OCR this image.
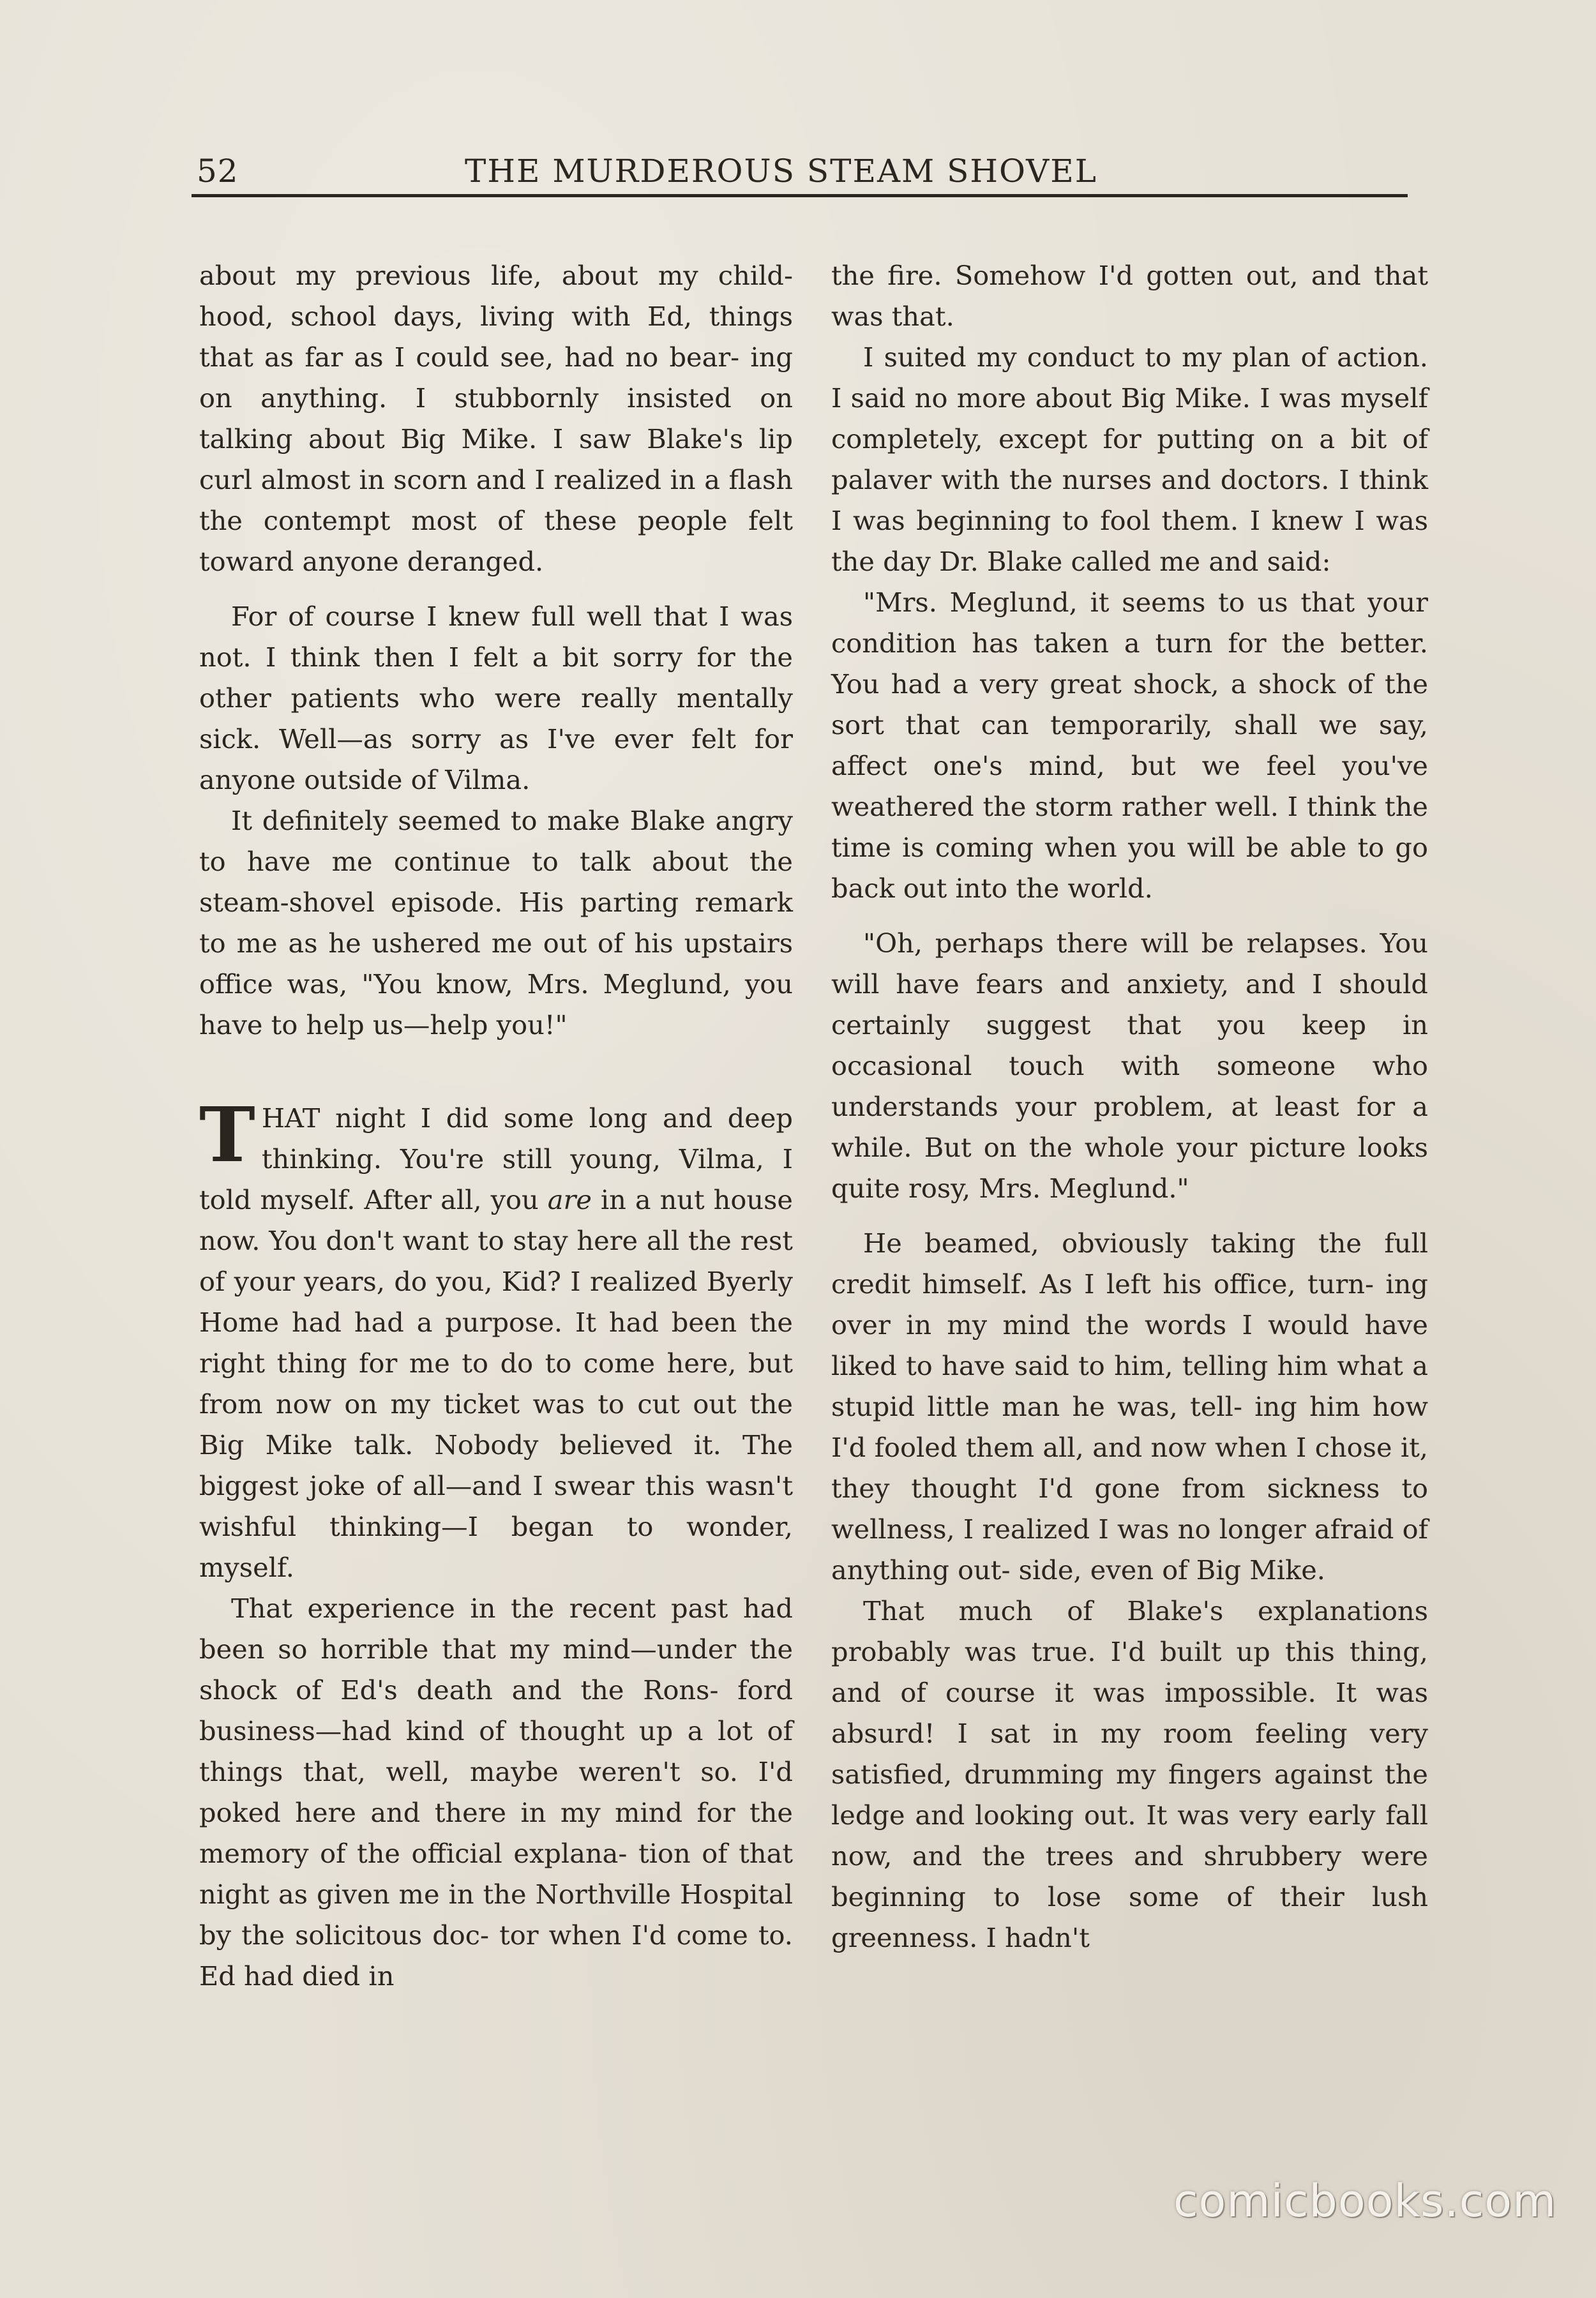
52	THE MURDEROUS STEAM SHOVEL

about my previous life, about my child- hood, school days, living with Ed, things that as far as I could see, had no bear- ing on anything. I stubbornly insisted on talking about Big Mike. I saw Blake's lip curl almost in scorn and I realized in a flash the contempt most of these people felt toward anyone deranged.

For of course I knew full well that I was not. I think then I felt a bit sorry for the other patients who were really mentally sick. Well—as sorry as I've ever felt for anyone outside of Vilma.

It definitely seemed to make Blake angry to have me continue to talk about the steam-shovel episode. His parting remark to me as he ushered me out of his upstairs office was, "You know, Mrs. Meglund, you have to help us—help you!"

THAT night I did some long and deep thinking. You're still young, Vilma, I told myself. After all, you are in a nut house now. You don't want to stay here all the rest of your years, do you, Kid? I realized Byerly Home had had a purpose. It had been the right thing for me to do to come here, but from now on my ticket was to cut out the Big Mike talk. Nobody believed it. The biggest joke of all—and I swear this wasn't wishful thinking—I began to wonder, myself.

That experience in the recent past had been so horrible that my mind—under the shock of Ed's death and the Rons- ford business—had kind of thought up a lot of things that, well, maybe weren't so. I'd poked here and there in my mind for the memory of the official explana- tion of that night as given me in the Northville Hospital by the solicitous doc- tor when I'd come to. Ed had died in

the fire. Somehow I'd gotten out, and that was that.

I suited my conduct to my plan of action. I said no more about Big Mike. I was myself completely, except for putting on a bit of palaver with the nurses and doctors. I think I was beginning to fool them. I knew I was the day Dr. Blake called me and said:

"Mrs. Meglund, it seems to us that your condition has taken a turn for the better. You had a very great shock, a shock of the sort that can temporarily, shall we say, affect one's mind, but we feel you've weathered the storm rather well. I think the time is coming when you will be able to go back out into the world.

"Oh, perhaps there will be relapses. You will have fears and anxiety, and I should certainly suggest that you keep in occasional touch with someone who understands your problem, at least for a while. But on the whole your picture looks quite rosy, Mrs. Meglund."

He beamed, obviously taking the full credit himself. As I left his office, turn- ing over in my mind the words I would have liked to have said to him, telling him what a stupid little man he was, tell- ing him how I'd fooled them all, and now when I chose it, they thought I'd gone from sickness to wellness, I realized I was no longer afraid of anything out- side, even of Big Mike.

That much of Blake's explanations probably was true. I'd built up this thing, and of course it was impossible. It was absurd! I sat in my room feeling very satisfied, drumming my fingers against the ledge and looking out. It was very early fall now, and the trees and shrubbery were beginning to lose some of their lush greenness. I hadn't

comicbooks.com
